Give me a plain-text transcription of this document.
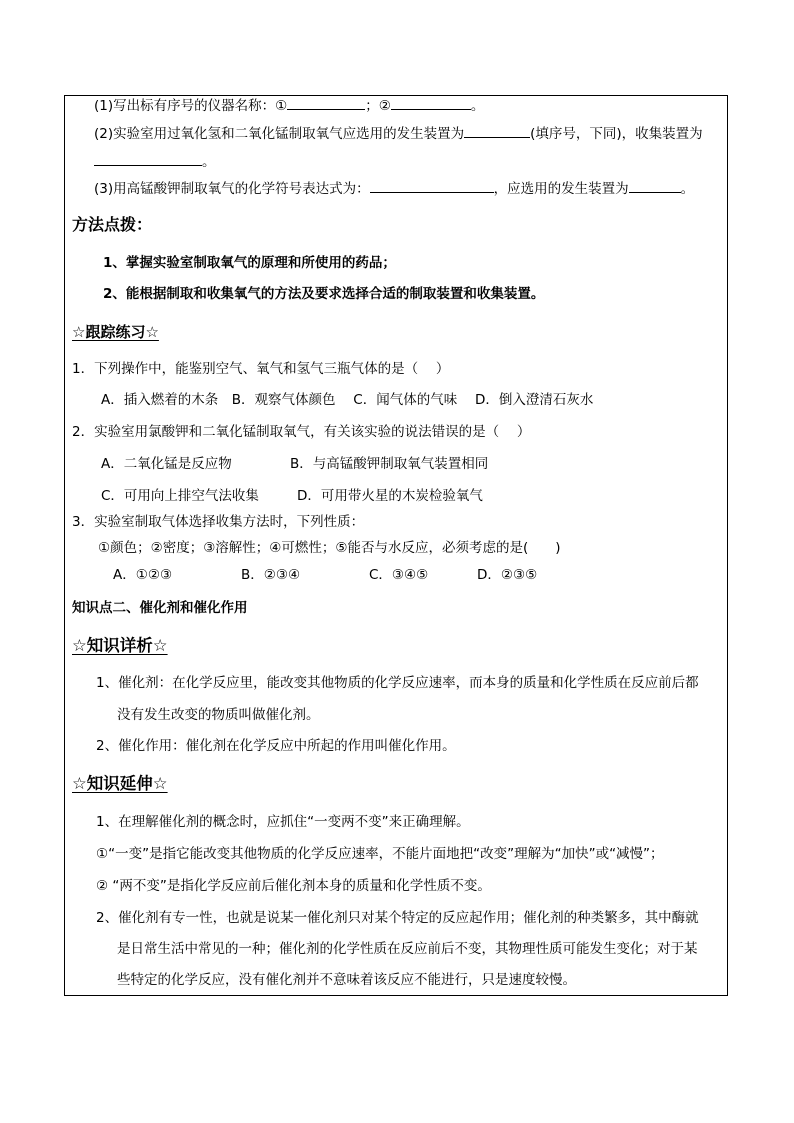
(1)写出标有序号的仪器名称：①	；②	。
(2)实验室用过氧化氢和二氧化锰制取氧气应选用的发生装置为	(填序号，下同)，收集装置为
。
(3)用高锰酸钾制取氧气的化学符号表达式为：	，应选用的发生装置为	。
方法点拨：
1、掌握实验室制取氧气的原理和所使用的药品；
2、能根据制取和收集氧气的方法及要求选择合适的制取装置和收集装置。
☆跟踪练习☆
1．下列操作中，能鉴别空气、氧气和氢气三瓶气体的是（　 ）
A．插入燃着的木条　B．观察气体颜色　 C．闻气体的气味　 D．倒入澄清石灰水
2．实验室用氯酸钾和二氧化锰制取氧气，有关该实验的说法错误的是（　 ）
A．二氧化锰是反应物	B．与高锰酸钾制取氧气装置相同
C．可用向上排空气法收集	D．可用带火星的木炭检验氧气
3．实验室制取气体选择收集方法时，下列性质：
①颜色；②密度；③溶解性；④可燃性；⑤能否与水反应，必须考虑的是(　　)
A．①②③	B．②③④	C．③④⑤	D．②③⑤
知识点二、催化剂和催化作用
☆知识详析☆
1、催化剂：在化学反应里，能改变其他物质的化学反应速率，而本身的质量和化学性质在反应前后都
没有发生改变的物质叫做催化剂。
2、催化作用：催化剂在化学反应中所起的作用叫催化作用。
☆知识延伸☆
1、在理解催化剂的概念时，应抓住“一变两不变”来正确理解。
①“一变”是指它能改变其他物质的化学反应速率，不能片面地把“改变”理解为“加快”或“减慢”；
② “两不变”是指化学反应前后催化剂本身的质量和化学性质不变。
2、催化剂有专一性，也就是说某一催化剂只对某个特定的反应起作用；催化剂的种类繁多，其中酶就
是日常生活中常见的一种；催化剂的化学性质在反应前后不变，其物理性质可能发生变化；对于某
些特定的化学反应，没有催化剂并不意味着该反应不能进行，只是速度较慢。
